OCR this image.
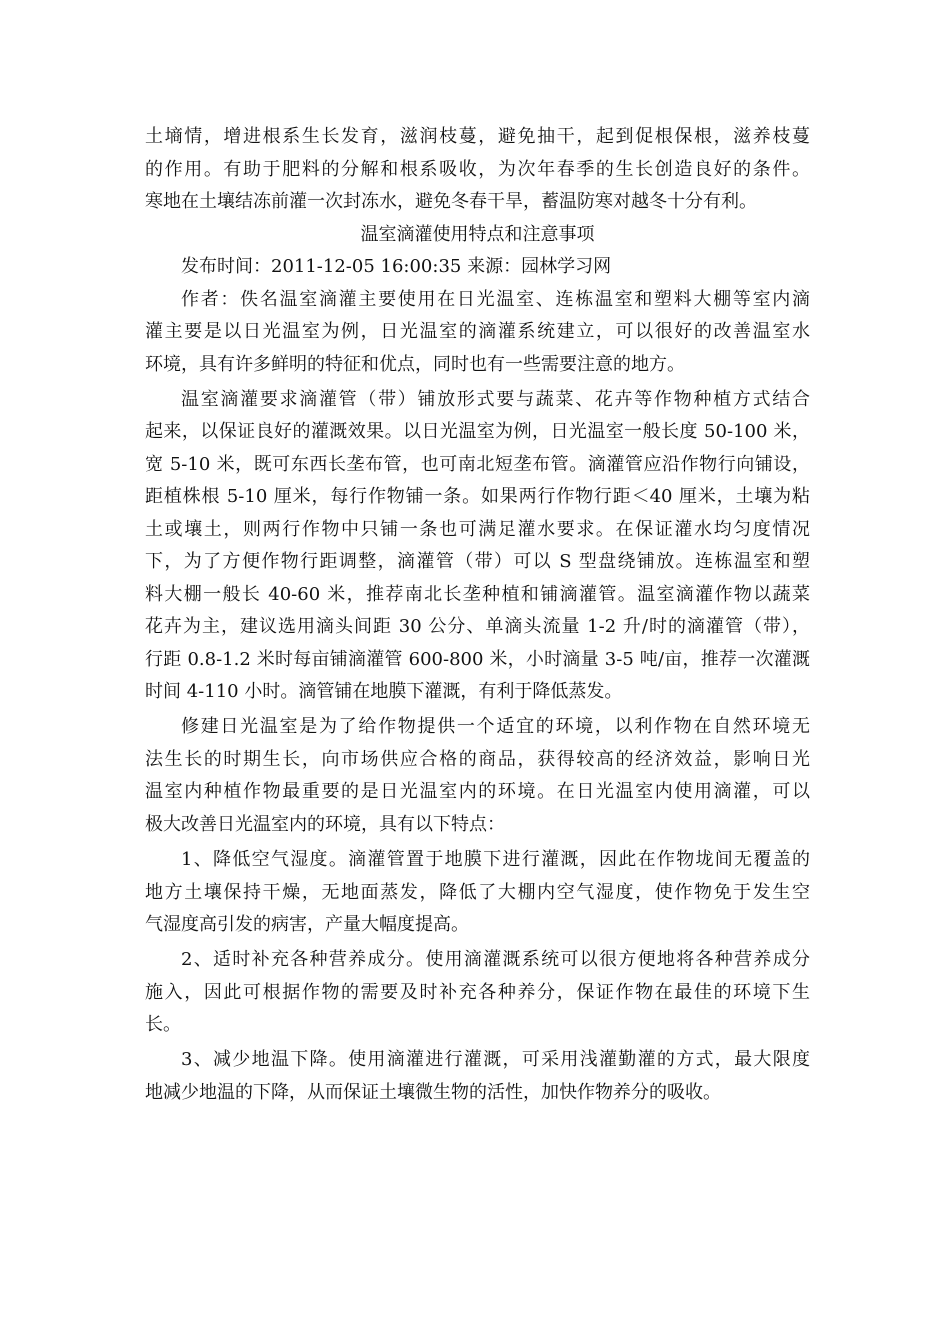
土墒情，增进根系生长发育，滋润枝蔓，避免抽干，起到促根保根，滋养枝蔓
的作用。有助于肥料的分解和根系吸收，为次年春季的生长创造良好的条件。
寒地在土壤结冻前灌一次封冻水，避免冬春干旱，蓄温防寒对越冬十分有利。
温室滴灌使用特点和注意事项
发布时间：2011-12-05 16:00:35 来源：园林学习网
作者：佚名温室滴灌主要使用在日光温室、连栋温室和塑料大棚等室内滴
灌主要是以日光温室为例，日光温室的滴灌系统建立，可以很好的改善温室水
环境，具有许多鲜明的特征和优点，同时也有一些需要注意的地方。
温室滴灌要求滴灌管（带）铺放形式要与蔬菜、花卉等作物种植方式结合
起来，以保证良好的灌溉效果。以日光温室为例，日光温室一般长度 50-100 米，
宽 5-10 米，既可东西长垄布管，也可南北短垄布管。滴灌管应沿作物行向铺设，
距植株根 5-10 厘米，每行作物铺一条。如果两行作物行距＜40 厘米，土壤为粘
土或壤土，则两行作物中只铺一条也可满足灌水要求。在保证灌水均匀度情况
下，为了方便作物行距调整，滴灌管（带）可以 S 型盘绕铺放。连栋温室和塑
料大棚一般长 40-60 米，推荐南北长垄种植和铺滴灌管。温室滴灌作物以蔬菜
花卉为主，建议选用滴头间距 30 公分、单滴头流量 1-2 升/时的滴灌管（带），
行距 0.8-1.2 米时每亩铺滴灌管 600-800 米，小时滴量 3-5 吨/亩，推荐一次灌溉
时间 4-110 小时。滴管铺在地膜下灌溉，有利于降低蒸发。
修建日光温室是为了给作物提供一个适宜的环境，以利作物在自然环境无
法生长的时期生长，向市场供应合格的商品，获得较高的经济效益，影响日光
温室内种植作物最重要的是日光温室内的环境。在日光温室内使用滴灌，可以
极大改善日光温室内的环境，具有以下特点：
1、降低空气湿度。滴灌管置于地膜下进行灌溉，因此在作物垅间无覆盖的
地方土壤保持干燥，无地面蒸发，降低了大棚内空气湿度，使作物免于发生空
气湿度高引发的病害，产量大幅度提高。
2、适时补充各种营养成分。使用滴灌溉系统可以很方便地将各种营养成分
施入，因此可根据作物的需要及时补充各种养分，保证作物在最佳的环境下生
长。
3、减少地温下降。使用滴灌进行灌溉，可采用浅灌勤灌的方式，最大限度
地减少地温的下降，从而保证土壤微生物的活性，加快作物养分的吸收。
